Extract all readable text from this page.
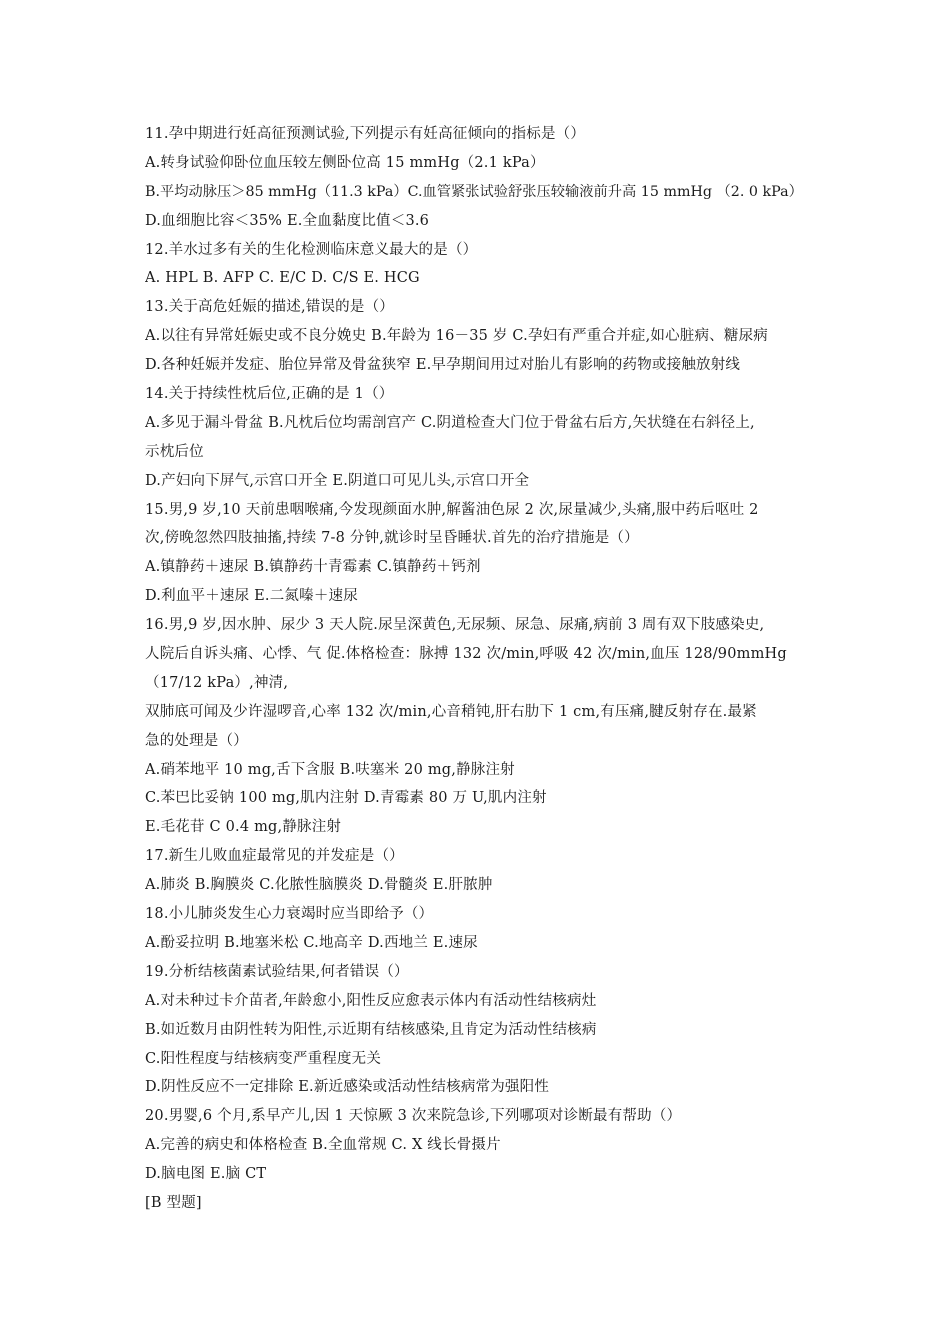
11.孕中期进行妊高征预测试验,下列提示有妊高征倾向的指标是（）
A.转身试验仰卧位血压较左侧卧位高 15 mmHg（2.1 kPa）
B.平均动脉压＞85 mmHg（11.3 kPa）C.血管紧张试验舒张压较输液前升高 15 mmHg （2. 0 kPa）
D.血细胞比容＜35% E.全血黏度比值＜3.6
12.羊水过多有关的生化检测临床意义最大的是（）
A. HPL B. AFP C. E/C D. C/S E. HCG
13.关于高危妊娠的描述,错误的是（）
A.以往有异常妊娠史或不良分娩史 B.年龄为 16－35 岁 C.孕妇有严重合并症,如心脏病、糖尿病
D.各种妊娠并发症、胎位异常及骨盆狭窄 E.早孕期间用过对胎儿有影响的药物或接触放射线
14.关于持续性枕后位,正确的是 1（）
A.多见于漏斗骨盆 B.凡枕后位均需剖宫产 C.阴道检查大门位于骨盆右后方,矢状缝在右斜径上,
示枕后位
D.产妇向下屏气,示宫口开全 E.阴道口可见儿头,示宫口开全
15.男,9 岁,10 天前患咽喉痛,今发现颜面水肿,解酱油色尿 2 次,尿量减少,头痛,服中药后呕吐 2
次,傍晚忽然四肢抽搐,持续 7-8 分钟,就诊时呈昏睡状.首先的治疗措施是（）
A.镇静药＋速尿 B.镇静药十青霉素 C.镇静药＋钙剂
D.利血平＋速尿 E.二氮嗪＋速尿
16.男,9 岁,因水肿、尿少 3 天人院.尿呈深黄色,无尿频、尿急、尿痛,病前 3 周有双下肢感染史,
人院后自诉头痛、心悸、气 促.体格检查：脉搏 132 次/min,呼吸 42 次/min,血压 128/90mmHg
（17/12 kPa）,神清,
双肺底可闻及少许湿啰音,心率 132 次/min,心音稍钝,肝右肋下 1 cm,有压痛,腱反射存在.最紧
急的处理是（）
A.硝苯地平 10 mg,舌下含服 B.呋塞米 20 mg,静脉注射
C.苯巴比妥钠 100 mg,肌内注射 D.青霉素 80 万 U,肌内注射
E.毛花苷 C 0.4 mg,静脉注射
17.新生儿败血症最常见的并发症是（）
A.肺炎 B.胸膜炎 C.化脓性脑膜炎 D.骨髓炎 E.肝脓肿
18.小儿肺炎发生心力衰竭时应当即给予（）
A.酚妥拉明 B.地塞米松 C.地高辛 D.西地兰 E.速尿
19.分析结核菌素试验结果,何者错误（）
A.对未种过卡介苗者,年龄愈小,阳性反应愈表示体内有活动性结核病灶
B.如近数月由阴性转为阳性,示近期有结核感染,且肯定为活动性结核病
C.阳性程度与结核病变严重程度无关
D.阴性反应不一定排除 E.新近感染或活动性结核病常为强阳性
20.男婴,6 个月,系早产儿,因 1 天惊厥 3 次来院急诊,下列哪项对诊断最有帮助（）
A.完善的病史和体格检查 B.全血常规 C. X 线长骨摄片
D.脑电图 E.脑 CT
[B 型题]
